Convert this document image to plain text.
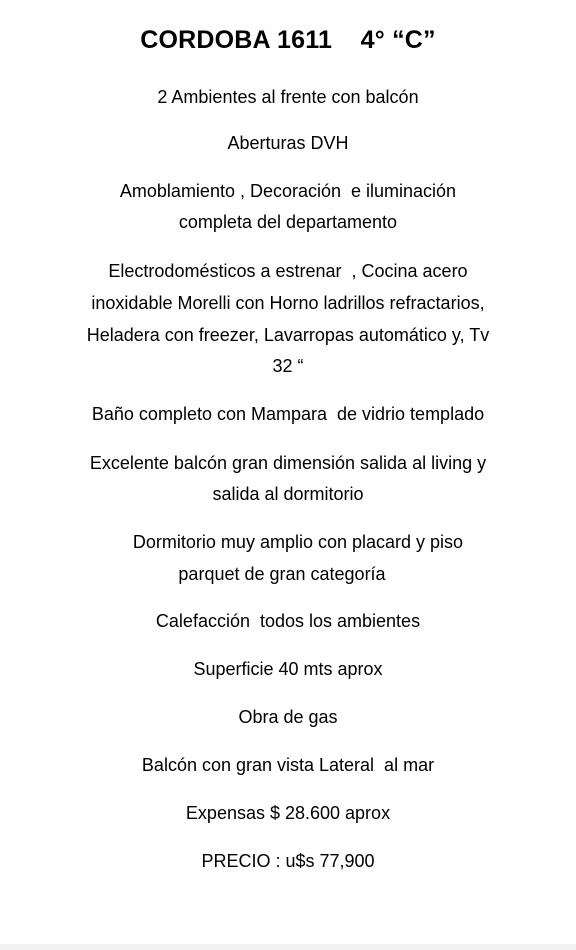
CORDOBA 1611    4° “C”
2 Ambientes al frente con balcón
Aberturas DVH
Amoblamiento , Decoración  e iluminación
completa del departamento
Electrodomésticos a estrenar  , Cocina acero
inoxidable Morelli con Horno ladrillos refractarios,
Heladera con freezer, Lavarropas automático y, Tv
32 “
Baño completo con Mampara  de vidrio templado
Excelente balcón gran dimensión salida al living y
salida al dormitorio
Dormitorio muy amplio con placard y piso
parquet de gran categoría
Calefacción  todos los ambientes
Superficie 40 mts aprox
Obra de gas
Balcón con gran vista Lateral  al mar
Expensas $ 28.600 aprox
PRECIO : u$s 77,900
